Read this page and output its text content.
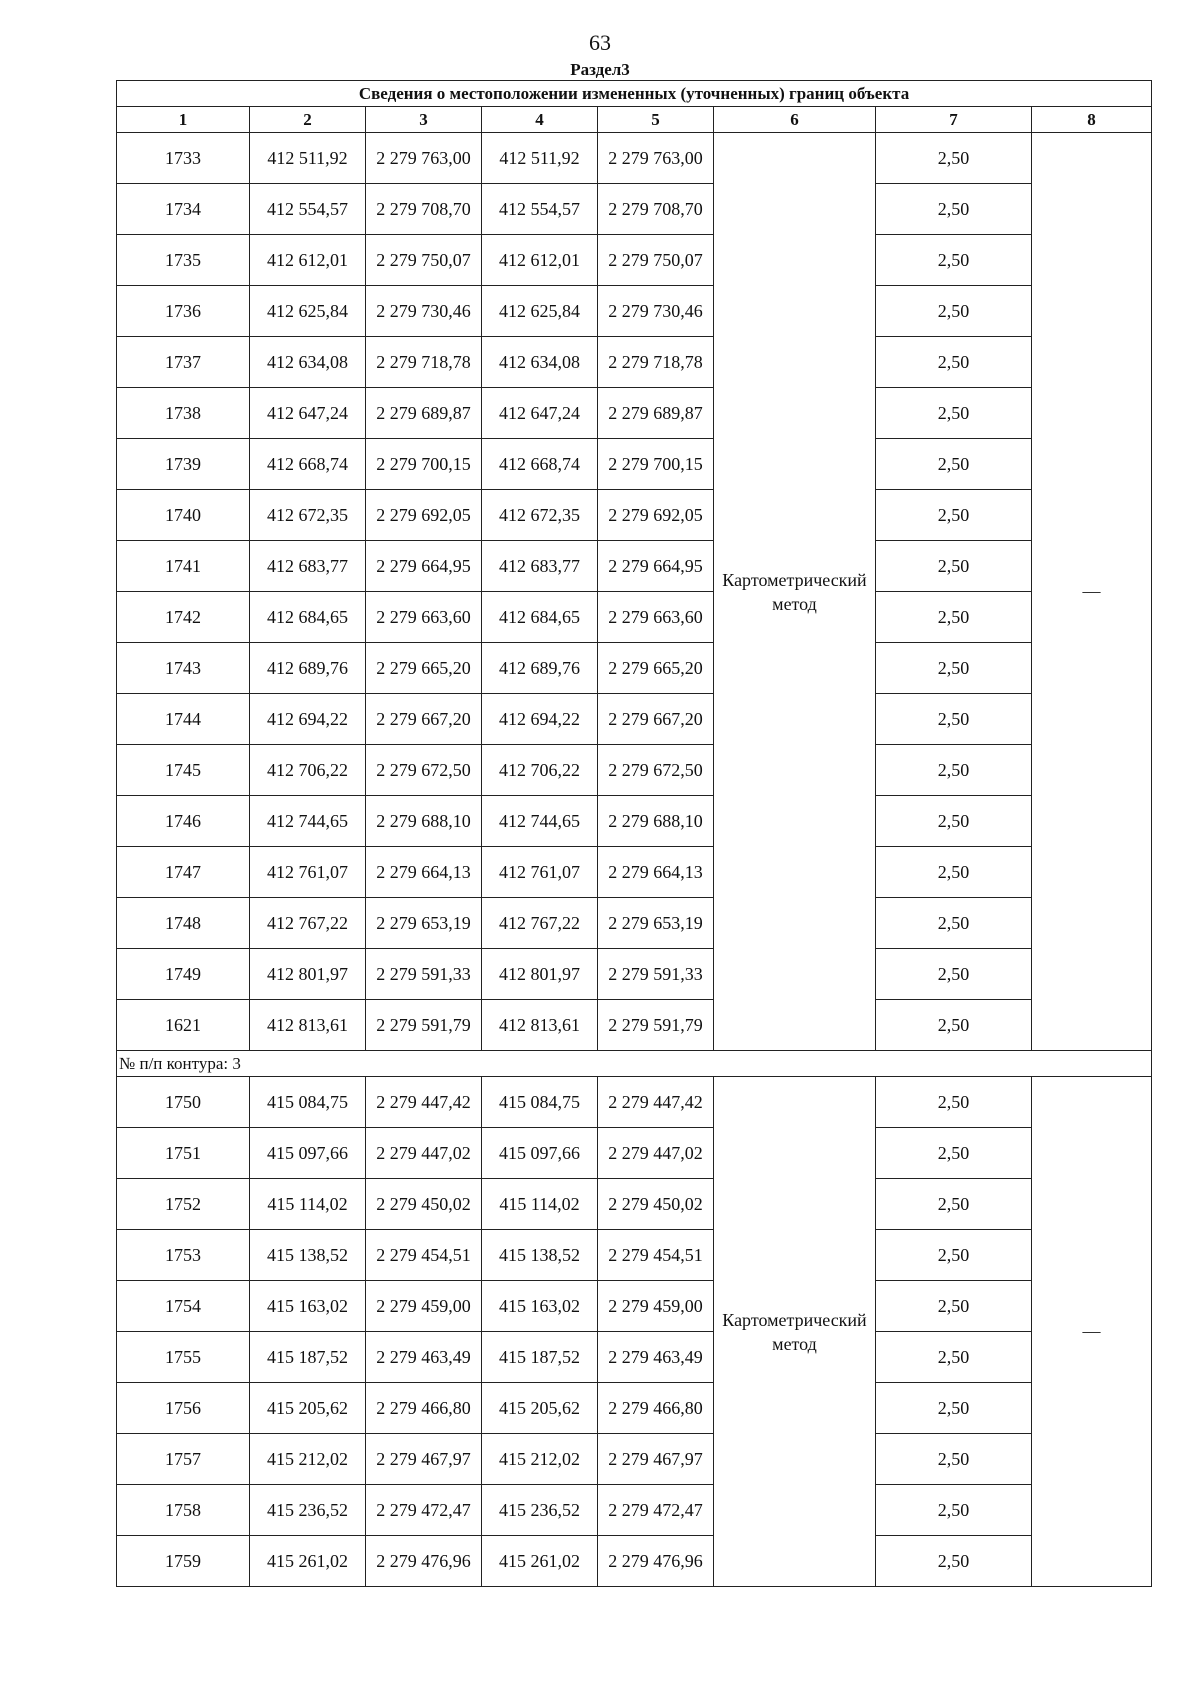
63
Раздел3
Сведения о местоположении измененных (уточненных) границ объекта							
1	2	3	4	5	6	7	8
1733	412 511,92	2 279 763,00	412 511,92	2 279 763,00	Картометрический метод	2,50	—
1734	412 554,57	2 279 708,70	412 554,57	2 279 708,70		2,50	
1735	412 612,01	2 279 750,07	412 612,01	2 279 750,07		2,50	
1736	412 625,84	2 279 730,46	412 625,84	2 279 730,46		2,50	
1737	412 634,08	2 279 718,78	412 634,08	2 279 718,78		2,50	
1738	412 647,24	2 279 689,87	412 647,24	2 279 689,87		2,50	
1739	412 668,74	2 279 700,15	412 668,74	2 279 700,15		2,50	
1740	412 672,35	2 279 692,05	412 672,35	2 279 692,05		2,50	
1741	412 683,77	2 279 664,95	412 683,77	2 279 664,95		2,50	
1742	412 684,65	2 279 663,60	412 684,65	2 279 663,60		2,50	
1743	412 689,76	2 279 665,20	412 689,76	2 279 665,20		2,50	
1744	412 694,22	2 279 667,20	412 694,22	2 279 667,20		2,50	
1745	412 706,22	2 279 672,50	412 706,22	2 279 672,50		2,50	
1746	412 744,65	2 279 688,10	412 744,65	2 279 688,10		2,50	
1747	412 761,07	2 279 664,13	412 761,07	2 279 664,13		2,50	
1748	412 767,22	2 279 653,19	412 767,22	2 279 653,19		2,50	
1749	412 801,97	2 279 591,33	412 801,97	2 279 591,33		2,50	
1621	412 813,61	2 279 591,79	412 813,61	2 279 591,79		2,50	
№ п/п контура: 3							
1750	415 084,75	2 279 447,42	415 084,75	2 279 447,42	Картометрический метод	2,50	—
1751	415 097,66	2 279 447,02	415 097,66	2 279 447,02		2,50	
1752	415 114,02	2 279 450,02	415 114,02	2 279 450,02		2,50	
1753	415 138,52	2 279 454,51	415 138,52	2 279 454,51		2,50	
1754	415 163,02	2 279 459,00	415 163,02	2 279 459,00		2,50	
1755	415 187,52	2 279 463,49	415 187,52	2 279 463,49		2,50	
1756	415 205,62	2 279 466,80	415 205,62	2 279 466,80		2,50	
1757	415 212,02	2 279 467,97	415 212,02	2 279 467,97		2,50	
1758	415 236,52	2 279 472,47	415 236,52	2 279 472,47		2,50	
1759	415 261,02	2 279 476,96	415 261,02	2 279 476,96		2,50	
